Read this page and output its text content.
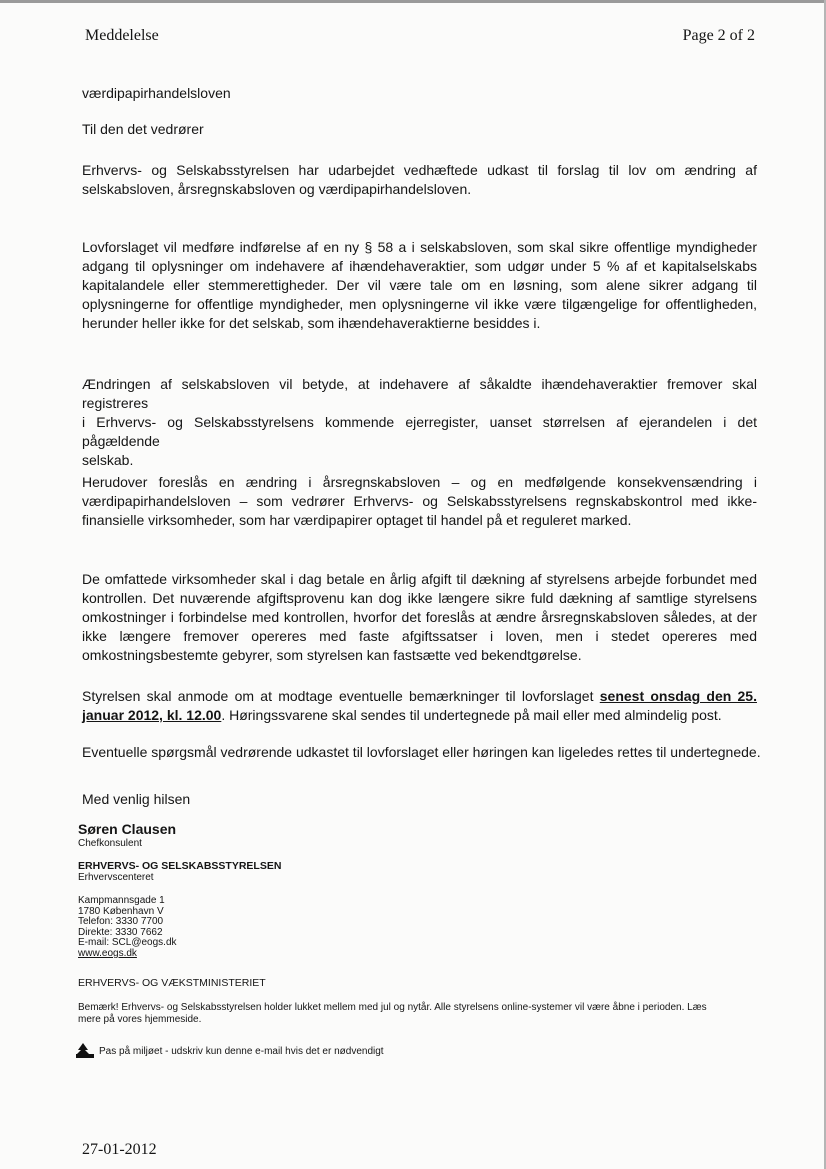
Meddelelse	Page 2 of 2

værdipapirhandelsloven

Til den det vedrører

Erhvervs- og Selskabsstyrelsen har udarbejdet vedhæftede udkast til forslag til lov om ændring af
selskabsloven, årsregnskabsloven og værdipapirhandelsloven.

Lovforslaget vil medføre indførelse af en ny § 58 a i selskabsloven, som skal sikre offentlige myndigheder
adgang til oplysninger om indehavere af ihændehaveraktier, som udgør under 5 % af et kapitalselskabs
kapitalandele eller stemmerettigheder. Der vil være tale om en løsning, som alene sikrer adgang til
oplysningerne for offentlige myndigheder, men oplysningerne vil ikke være tilgængelige for offentligheden,
herunder heller ikke for det selskab, som ihændehaveraktierne besiddes i.

Ændringen af selskabsloven vil betyde, at indehavere af såkaldte ihændehaveraktier fremover skal registreres
i Erhvervs- og Selskabsstyrelsens kommende ejerregister, uanset størrelsen af ejerandelen i det pågældende
selskab.

Herudover foreslås en ændring i årsregnskabsloven – og en medfølgende konsekvensændring i
værdipapirhandelsloven – som vedrører Erhvervs- og Selskabsstyrelsens regnskabskontrol med ikke-
finansielle virksomheder, som har værdipapirer optaget til handel på et reguleret marked.

De omfattede virksomheder skal i dag betale en årlig afgift til dækning af styrelsens arbejde forbundet med
kontrollen. Det nuværende afgiftsprovenu kan dog ikke længere sikre fuld dækning af samtlige styrelsens
omkostninger i forbindelse med kontrollen, hvorfor det foreslås at ændre årsregnskabsloven således, at der
ikke længere fremover opereres med faste afgiftssatser i loven, men i stedet opereres med
omkostningsbestemte gebyrer, som styrelsen kan fastsætte ved bekendtgørelse.

Styrelsen skal anmode om at modtage eventuelle bemærkninger til lovforslaget senest onsdag den 25.
januar 2012, kl. 12.00. Høringssvarene skal sendes til undertegnede på mail eller med almindelig post.

Eventuelle spørgsmål vedrørende udkastet til lovforslaget eller høringen kan ligeledes rettes til undertegnede.

Med venlig hilsen

Søren Clausen
Chefkonsulent
ERHVERVS- OG SELSKABSSTYRELSEN
Erhvervscenteret
Kampmannsgade 1
1780 København V
Telefon: 3330 7700
Direkte: 3330 7662
E-mail: SCL@eogs.dk
www.eogs.dk
ERHVERVS- OG VÆKSTMINISTERIET
Bemærk! Erhvervs- og Selskabsstyrelsen holder lukket mellem med jul og nytår. Alle styrelsens online-systemer vil være åbne i perioden. Læs
mere på vores hjemmeside.
Pas på miljøet - udskriv kun denne e-mail hvis det er nødvendigt
27-01-2012
